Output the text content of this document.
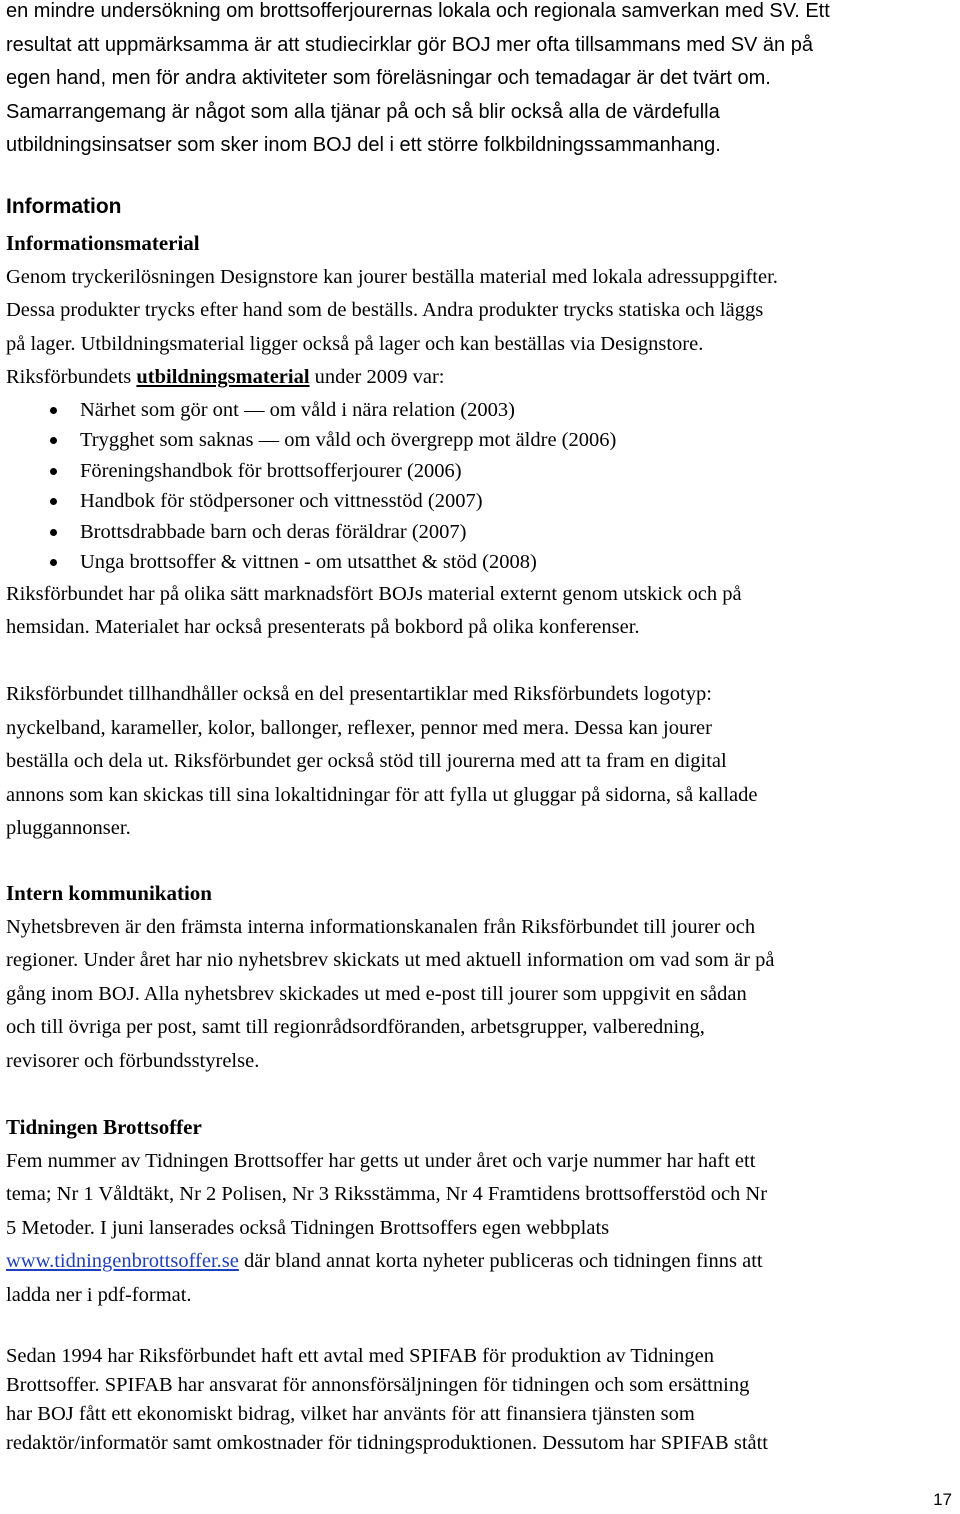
en mindre undersökning om brottsofferjourernas lokala och regionala samverkan med SV. Ett

resultat att uppmärksamma är att studiecirklar gör BOJ mer ofta tillsammans med SV än på

egen hand, men för andra aktiviteter som föreläsningar och temadagar är det tvärt om.

Samarrangemang är något som alla tjänar på och så blir också alla de värdefulla

utbildningsinsatser som sker inom BOJ del i ett större folkbildningssammanhang.

Information
Informationsmaterial

Genom tryckerilösningen Designstore kan jourer beställa material med lokala adressuppgifter.

Dessa produkter trycks efter hand som de beställs. Andra produkter trycks statiska och läggs

på lager. Utbildningsmaterial ligger också på lager och kan beställas via Designstore.

Riksförbundets utbildningsmaterial under 2009 var:

Närhet som gör ont — om våld i nära relation (2003)
Trygghet som saknas — om våld och övergrepp mot äldre (2006)
Föreningshandbok för brottsofferjourer (2006)
Handbok för stödpersoner och vittnesstöd (2007)
Brottsdrabbade barn och deras föräldrar (2007)
Unga brottsoffer & vittnen - om utsatthet & stöd (2008)

Riksförbundet har på olika sätt marknadsfört BOJs material externt genom utskick och på

hemsidan. Materialet har också presenterats på bokbord på olika konferenser.

Riksförbundet tillhandhåller också en del presentartiklar med Riksförbundets logotyp:

nyckelband, karameller, kolor, ballonger, reflexer, pennor med mera. Dessa kan jourer

beställa och dela ut. Riksförbundet ger också stöd till jourerna med att ta fram en digital

annons som kan skickas till sina lokaltidningar för att fylla ut gluggar på sidorna, så kallade

pluggannonser.

Intern kommunikation

Nyhetsbreven är den främsta interna informationskanalen från Riksförbundet till jourer och

regioner. Under året har nio nyhetsbrev skickats ut med aktuell information om vad som är på

gång inom BOJ. Alla nyhetsbrev skickades ut med e-post till jourer som uppgivit en sådan

och till övriga per post, samt till regionrådsordföranden, arbetsgrupper, valberedning,

revisorer och förbundsstyrelse.

Tidningen Brottsoffer

Fem nummer av Tidningen Brottsoffer har getts ut under året och varje nummer har haft ett

tema; Nr 1 Våldtäkt, Nr 2 Polisen, Nr 3 Riksstämma, Nr 4 Framtidens brottsofferstöd och Nr

5 Metoder. I juni lanserades också Tidningen Brottsoffers egen webbplats

www.tidningenbrottsoffer.se där bland annat korta nyheter publiceras och tidningen finns att

ladda ner i pdf-format.

Sedan 1994 har Riksförbundet haft ett avtal med SPIFAB för produktion av Tidningen

Brottsoffer. SPIFAB har ansvarat för annonsförsäljningen för tidningen och som ersättning

har BOJ fått ett ekonomiskt bidrag, vilket har använts för att finansiera tjänsten som

redaktör/informatör samt omkostnader för tidningsproduktionen. Dessutom har SPIFAB stått

17
